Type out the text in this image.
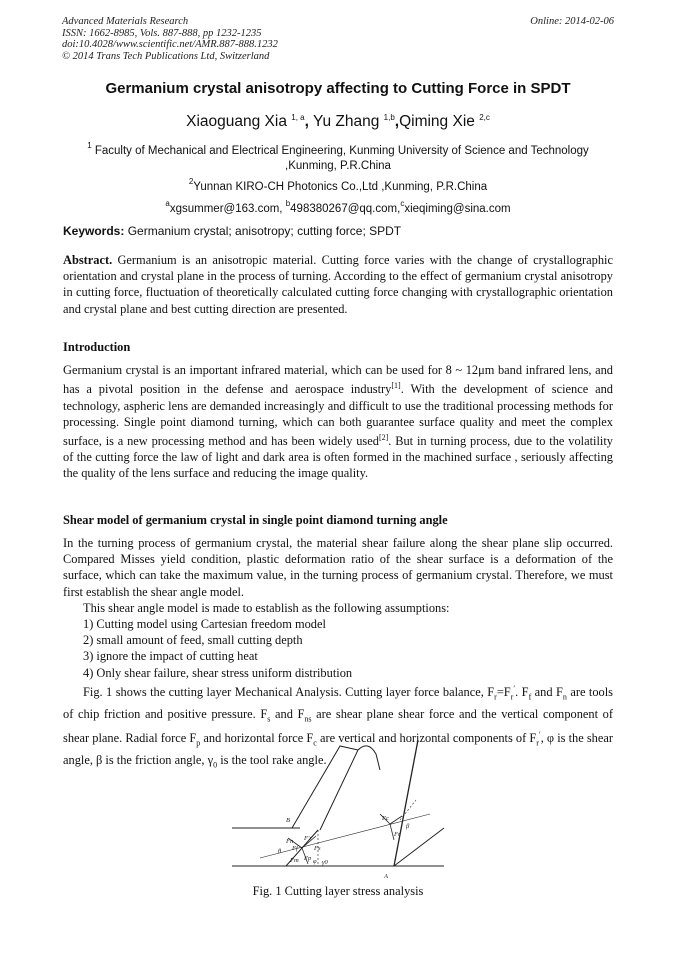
Advanced Materials Research
ISSN: 1662-8985, Vols. 887-888, pp 1232-1235
doi:10.4028/www.scientific.net/AMR.887-888.1232
© 2014 Trans Tech Publications Ltd, Switzerland
Online: 2014-02-06
Germanium crystal anisotropy affecting to Cutting Force in SPDT
Xiaoguang Xia $^{1, a}$, Yu Zhang $^{1,b}$,Qiming Xie $^{2,c}$
$^1$ Faculty of Mechanical and Electrical Engineering, Kunming University of Science and Technology
,Kunming, P.R.China
$^2$Yunnan KIRO-CH Photonics Co.,Ltd ,Kunming, P.R.China
$^a$xgsummer@163.com, $^b$498380267@qq.com,$^c$xieqiming@sina.com
Keywords: Germanium crystal; anisotropy; cutting force; SPDT
Abstract. Germanium is an anisotropic material. Cutting force varies with the change of crystallographic orientation and crystal plane in the process of turning. According to the effect of germanium crystal anisotropy in cutting force, fluctuation of theoretically calculated cutting force changing with crystallographic orientation and crystal plane and best cutting direction are presented.
Introduction
Germanium crystal is an important infrared material, which can be used for 8 ~ 12μm band infrared lens, and has a pivotal position in the defense and aerospace industry[1]. With the development of science and technology, aspheric lens are demanded increasingly and difficult to use the traditional processing methods for processing. Single point diamond turning, which can both guarantee surface quality and meet the complex surface, is a new processing method and has been widely used[2]. But in turning process, due to the volatility of the cutting force the law of light and dark area is often formed in the machined surface , seriously affecting the quality of the lens surface and reducing the image quality.
Shear model of germanium crystal in single point diamond turning angle
In the turning process of germanium crystal, the material shear failure along the shear plane slip occurred. Compared Misses yield condition, plastic deformation ratio of the shear surface is a deformation of the surface, which can take the maximum value, in the turning process of germanium crystal. Therefore, we must first establish the shear angle model.
This shear angle model is made to establish as the following assumptions:
1) Cutting model using Cartesian freedom model
2) small amount of feed, small cutting depth
3) ignore the impact of cutting heat
4) Only shear failure, shear stress uniform distribution
Fig. 1 shows the cutting layer Mechanical Analysis. Cutting layer force balance, $F_r=F_r'$. $F_f$ and $F_n$ are tools of chip friction and positive pressure. $F_s$ and $F_{ns}$ are shear plane shear force and the vertical component of shear plane. Radial force $F_p$ and horizontal force $F_c$ are vertical and horizontal components of $F_r'$, φ is the shear angle, β is the friction angle, $\gamma_0$ is the tool rake angle.
B
A
Fn
Ff
F'r
Fs
Fm Fp
Fc
Fr
θ
φ
β
γ0
Fig. 1 Cutting layer stress analysis
